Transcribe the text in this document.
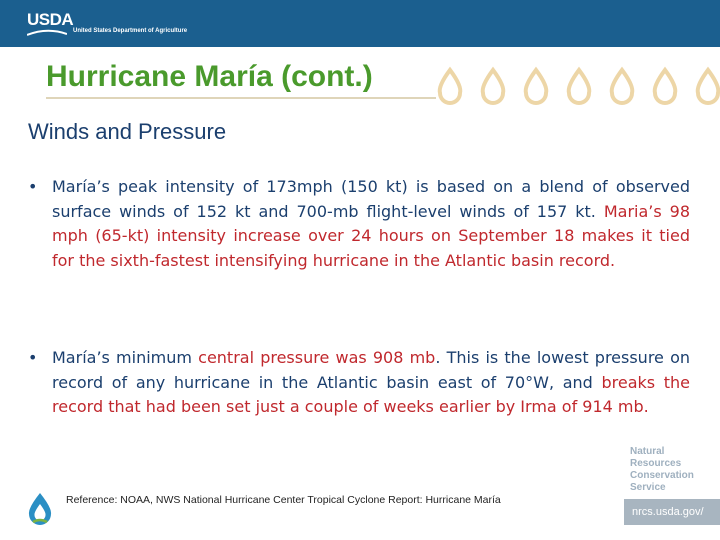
USDA
United States Department of Agriculture
Hurricane María (cont.)
Winds and Pressure
• María’s peak intensity of 173mph (150 kt) is based on a blend of observed surface winds of 152 kt and 700-mb flight-level winds of 157 kt. Maria’s 98 mph (65-kt) intensity increase over 24 hours on September 18 makes it tied for the sixth-fastest intensifying hurricane in the Atlantic basin record.
• María’s minimum central pressure was 908 mb. This is the lowest pressure on record of any hurricane in the Atlantic basin east of 70°W, and breaks the record that had been set just a couple of weeks earlier by Irma of 914 mb.
Natural
Resources
Conservation
Service
nrcs.usda.gov/
Reference: NOAA, NWS National Hurricane Center Tropical Cyclone Report: Hurricane María
